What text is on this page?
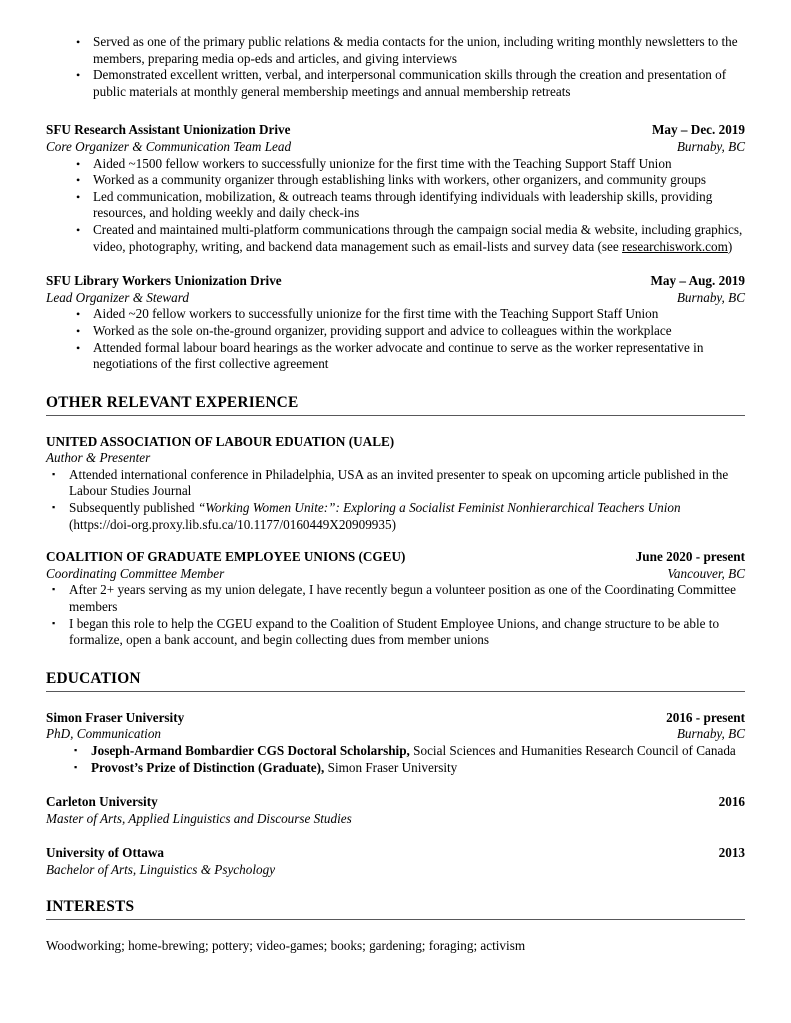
• Served as one of the primary public relations & media contacts for the union, including writing monthly newsletters to the members, preparing media op-eds and articles, and giving interviews
• Demonstrated excellent written, verbal, and interpersonal communication skills through the creation and presentation of public materials at monthly general membership meetings and annual membership retreats
SFU Research Assistant Unionization Drive	May – Dec. 2019
Core Organizer & Communication Team Lead	Burnaby, BC
• Aided ~1500 fellow workers to successfully unionize for the first time with the Teaching Support Staff Union
• Worked as a community organizer through establishing links with workers, other organizers, and community groups
• Led communication, mobilization, & outreach teams through identifying individuals with leadership skills, providing resources, and holding weekly and daily check-ins
• Created and maintained multi-platform communications through the campaign social media & website, including graphics, video, photography, writing, and backend data management such as email-lists and survey data (see researchiswork.com)
SFU Library Workers Unionization Drive	May – Aug. 2019
Lead Organizer & Steward	Burnaby, BC
• Aided ~20 fellow workers to successfully unionize for the first time with the Teaching Support Staff Union
• Worked as the sole on-the-ground organizer, providing support and advice to colleagues within the workplace
• Attended formal labour board hearings as the worker advocate and continue to serve as the worker representative in negotiations of the first collective agreement
OTHER RELEVANT EXPERIENCE
UNITED ASSOCIATION OF LABOUR EDUATION (UALE)
Author & Presenter
▪ Attended international conference in Philadelphia, USA as an invited presenter to speak on upcoming article published in the Labour Studies Journal
▪ Subsequently published “Working Women Unite:”: Exploring a Socialist Feminist Nonhierarchical Teachers Union
(https://doi-org.proxy.lib.sfu.ca/10.1177/0160449X20909935)
COALITION OF GRADUATE EMPLOYEE UNIONS (CGEU)	June 2020 - present
Coordinating Committee Member	Vancouver, BC
▪ After 2+ years serving as my union delegate, I have recently begun a volunteer position as one of the Coordinating Committee members
▪ I began this role to help the CGEU expand to the Coalition of Student Employee Unions, and change structure to be able to formalize, open a bank account, and begin collecting dues from member unions
EDUCATION
Simon Fraser University	2016 - present
PhD, Communication	Burnaby, BC
▪ Joseph-Armand Bombardier CGS Doctoral Scholarship, Social Sciences and Humanities Research Council of Canada
▪ Provost’s Prize of Distinction (Graduate), Simon Fraser University
Carleton University	2016
Master of Arts, Applied Linguistics and Discourse Studies
University of Ottawa	2013
Bachelor of Arts, Linguistics & Psychology
INTERESTS
Woodworking; home-brewing; pottery; video-games; books; gardening; foraging; activism
